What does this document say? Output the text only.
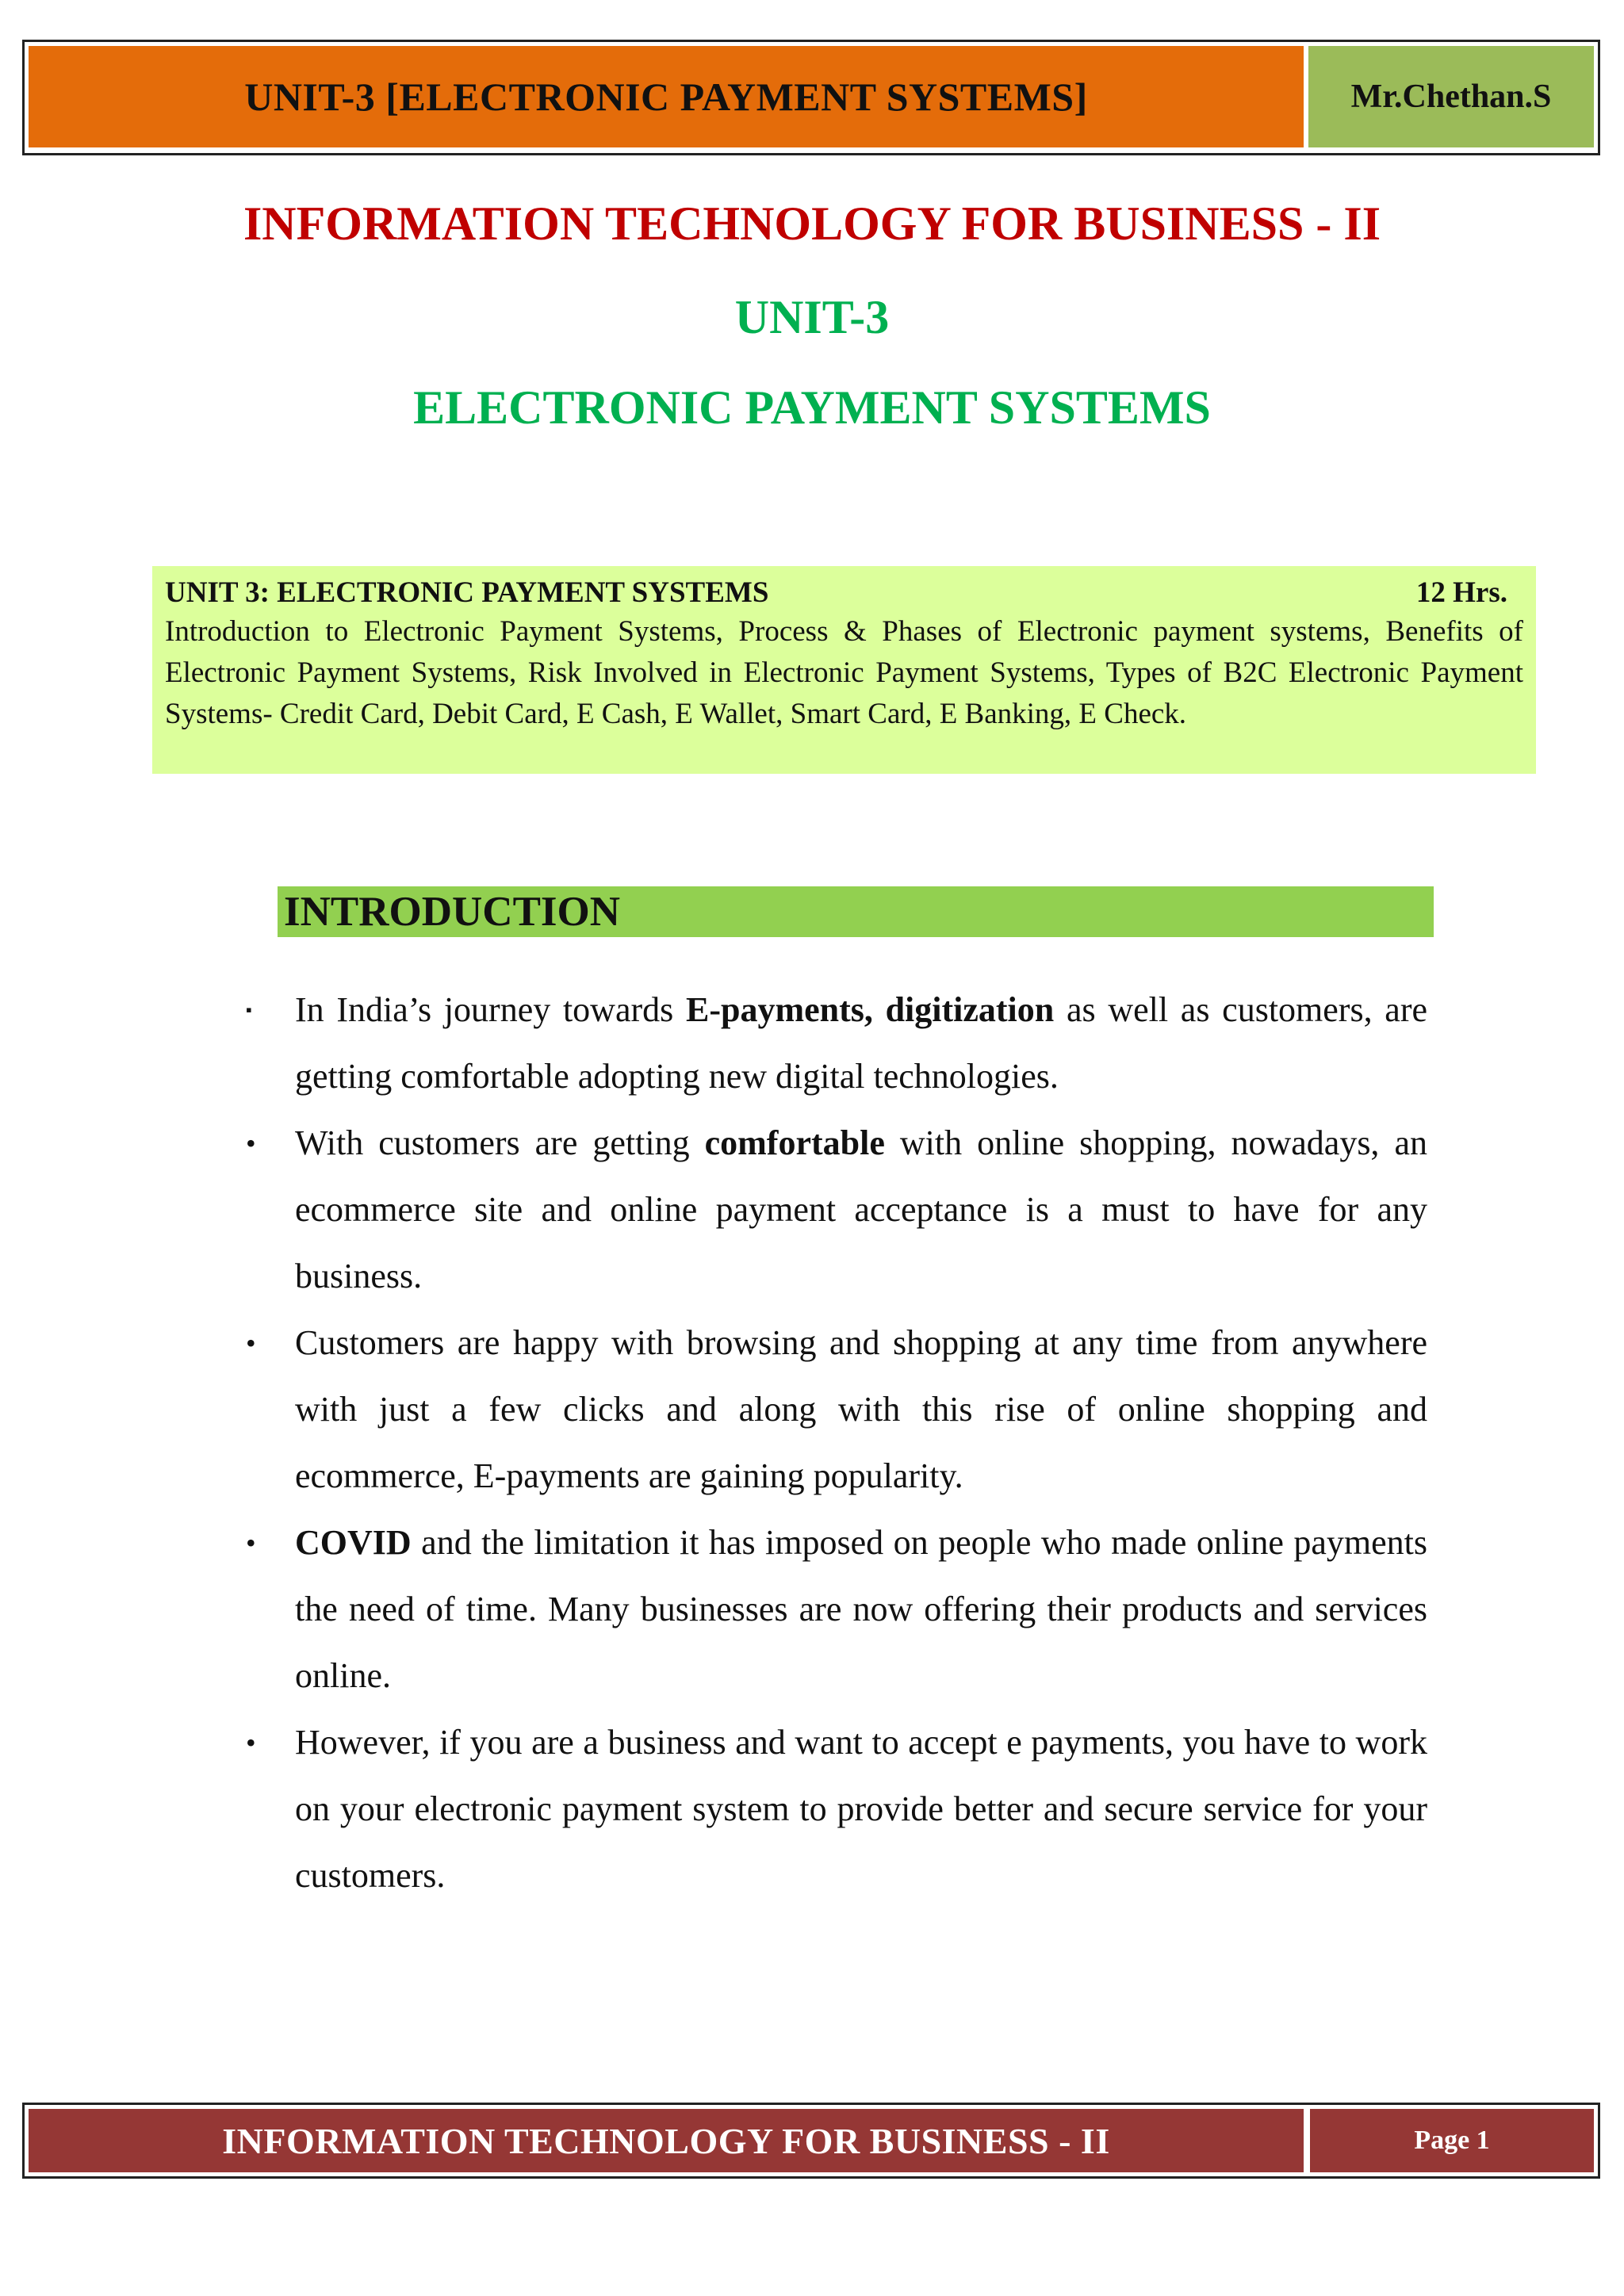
UNIT-3 [ELECTRONIC PAYMENT SYSTEMS]	Mr.Chethan.S
INFORMATION TECHNOLOGY FOR BUSINESS - II
UNIT-3
ELECTRONIC PAYMENT SYSTEMS
UNIT 3: ELECTRONIC PAYMENT SYSTEMS	12 Hrs.
Introduction to Electronic Payment Systems, Process & Phases of Electronic payment systems, Benefits of Electronic Payment Systems, Risk Involved in Electronic Payment Systems, Types of B2C Electronic Payment Systems- Credit Card, Debit Card, E Cash, E Wallet, Smart Card, E Banking, E Check.
INTRODUCTION
▪ In India’s journey towards E-payments, digitization as well as customers, are getting comfortable adopting new digital technologies.
• With customers are getting comfortable with online shopping, nowadays, an ecommerce site and online payment acceptance is a must to have for any business.
• Customers are happy with browsing and shopping at any time from anywhere with just a few clicks and along with this rise of online shopping and ecommerce, E-payments are gaining popularity.
• COVID and the limitation it has imposed on people who made online payments the need of time. Many businesses are now offering their products and services online.
• However, if you are a business and want to accept e payments, you have to work on your electronic payment system to provide better and secure service for your customers.
INFORMATION TECHNOLOGY FOR BUSINESS - II	Page 1
